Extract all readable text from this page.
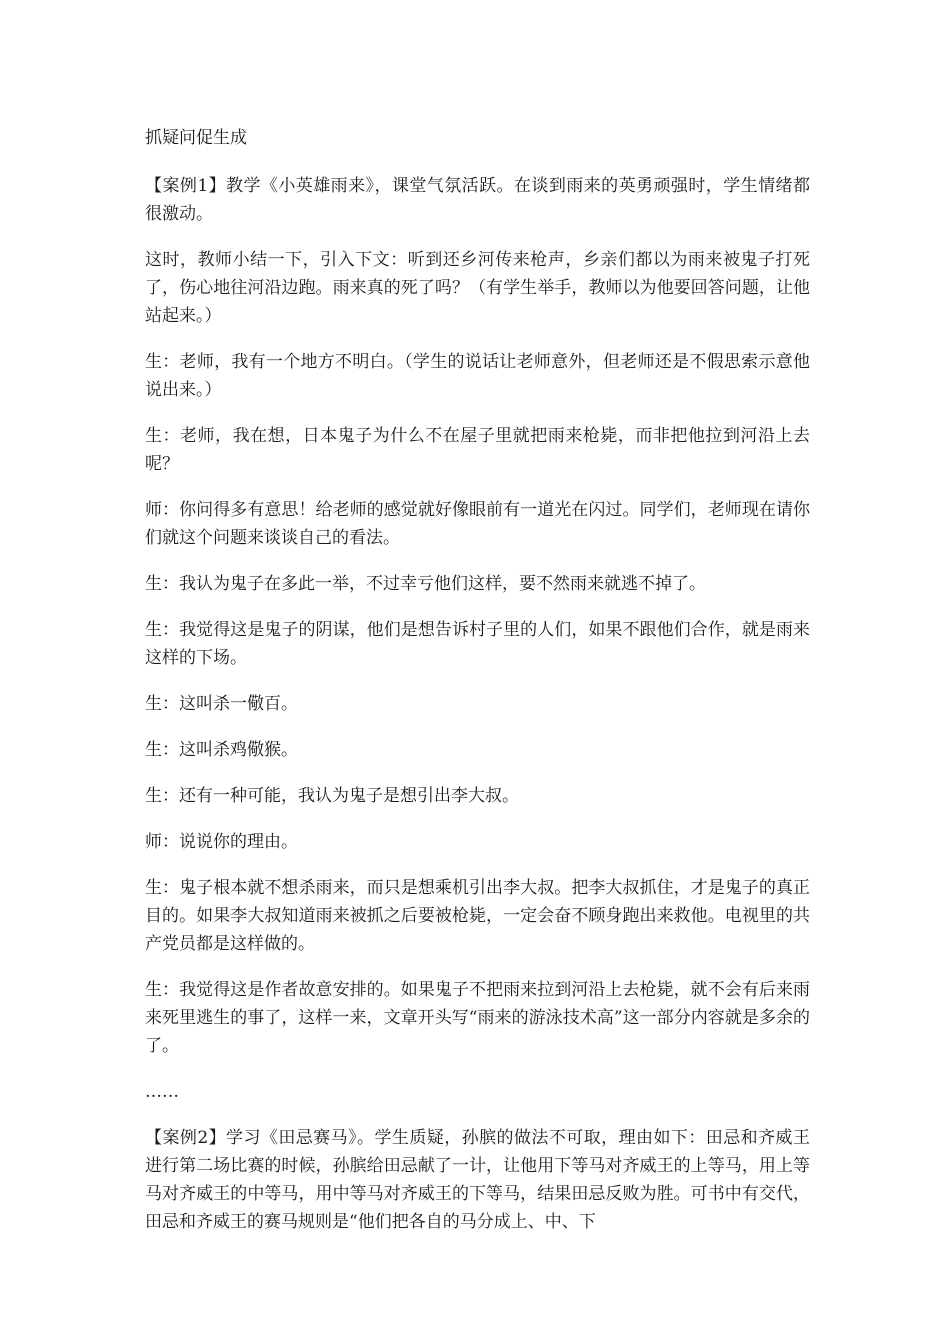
抓疑问促生成

【案例1】教学《小英雄雨来》，课堂气氛活跃。在谈到雨来的英勇顽强时，学生情绪都很激动。

这时，教师小结一下，引入下文：听到还乡河传来枪声，乡亲们都以为雨来被鬼子打死了，伤心地往河沿边跑。雨来真的死了吗？（有学生举手，教师以为他要回答问题，让他站起来。）

生：老师，我有一个地方不明白。（学生的说话让老师意外，但老师还是不假思索示意他说出来。）

生：老师，我在想，日本鬼子为什么不在屋子里就把雨来枪毙，而非把他拉到河沿上去呢？

师：你问得多有意思！给老师的感觉就好像眼前有一道光在闪过。同学们，老师现在请你们就这个问题来谈谈自己的看法。

生：我认为鬼子在多此一举，不过幸亏他们这样，要不然雨来就逃不掉了。

生：我觉得这是鬼子的阴谋，他们是想告诉村子里的人们，如果不跟他们合作，就是雨来这样的下场。

生：这叫杀一儆百。

生：这叫杀鸡儆猴。

生：还有一种可能，我认为鬼子是想引出李大叔。

师：说说你的理由。

生：鬼子根本就不想杀雨来，而只是想乘机引出李大叔。把李大叔抓住，才是鬼子的真正目的。如果李大叔知道雨来被抓之后要被枪毙，一定会奋不顾身跑出来救他。电视里的共产党员都是这样做的。

生：我觉得这是作者故意安排的。如果鬼子不把雨来拉到河沿上去枪毙，就不会有后来雨来死里逃生的事了，这样一来，文章开头写“雨来的游泳技术高”这一部分内容就是多余的了。

……

【案例2】学习《田忌赛马》。学生质疑，孙膑的做法不可取，理由如下：田忌和齐威王进行第二场比赛的时候，孙膑给田忌献了一计，让他用下等马对齐威王的上等马，用上等马对齐威王的中等马，用中等马对齐威王的下等马，结果田忌反败为胜。可书中有交代，田忌和齐威王的赛马规则是“他们把各自的马分成上、中、下
